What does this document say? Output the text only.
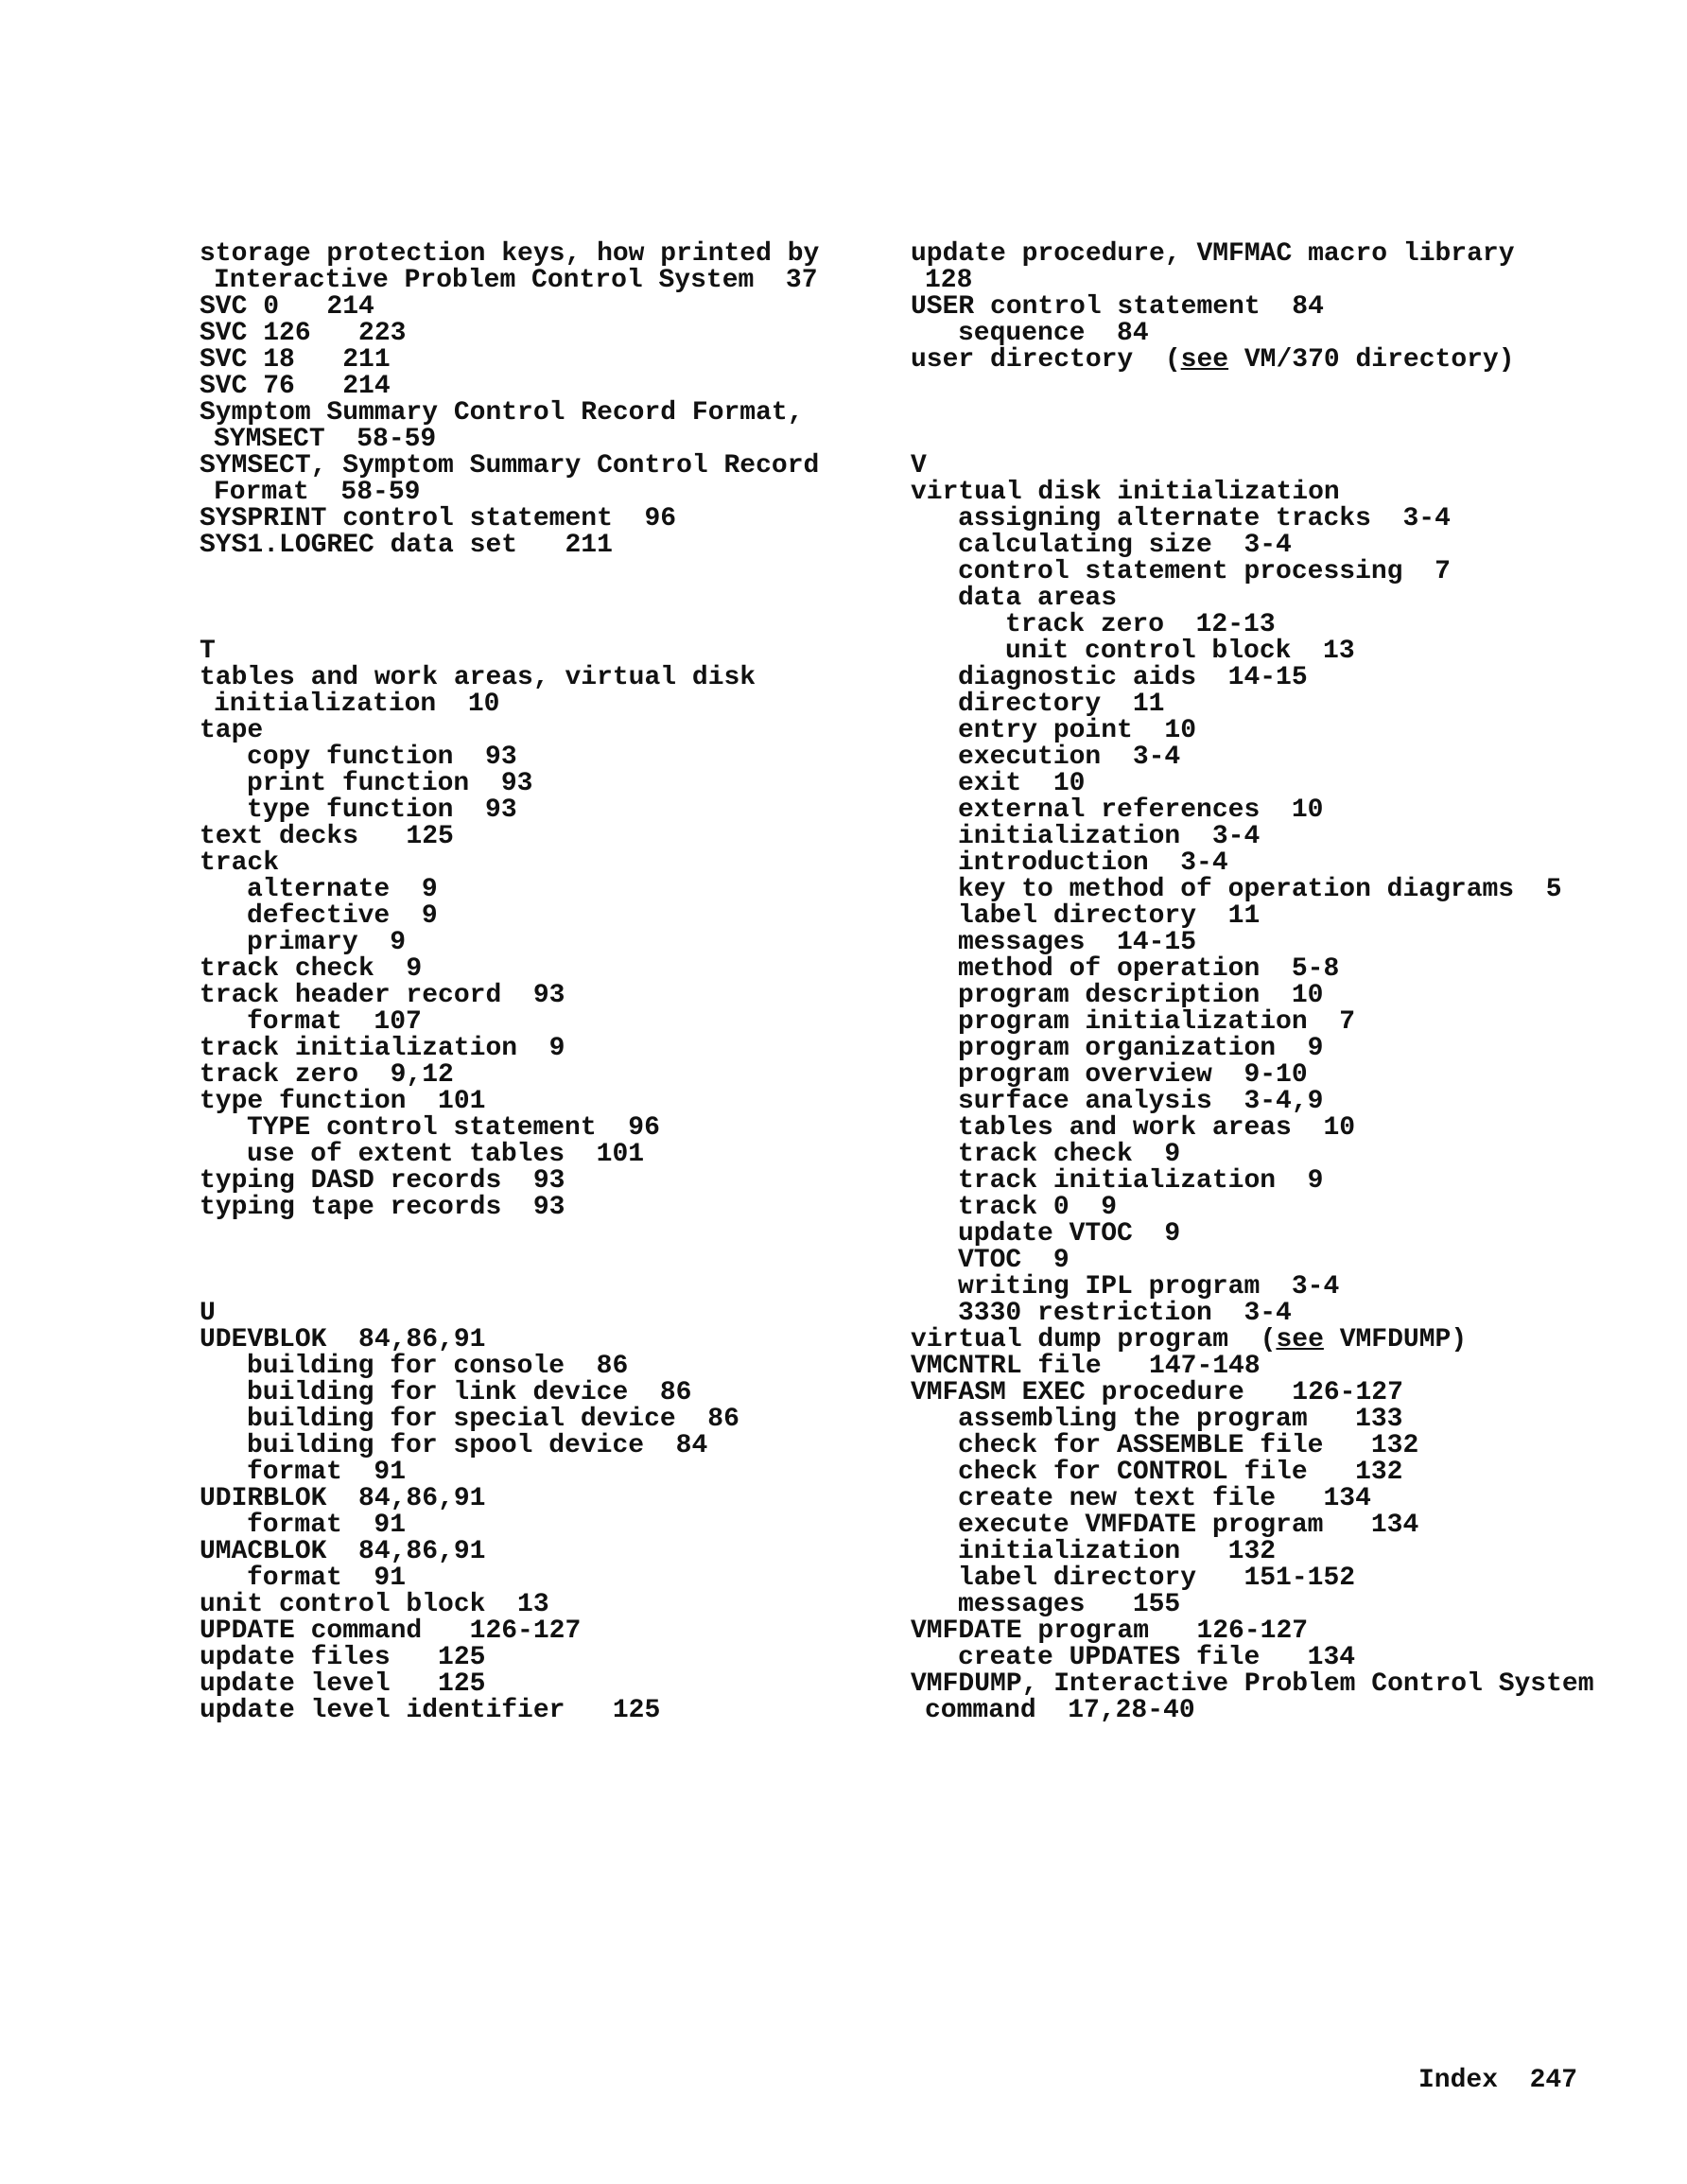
storage protection keys, how printed by
Interactive Problem Control System  37
SVC 0   214
SVC 126   223
SVC 18   211
SVC 76   214
Symptom Summary Control Record Format,
SYMSECT  58-59
SYMSECT, Symptom Summary Control Record
Format  58-59
SYSPRINT control statement  96
SYS1.LOGREC data set   211
T
tables and work areas, virtual disk
initialization  10
tape
copy function  93
print function  93
type function  93
text decks   125
track
alternate  9
defective  9
primary  9
track check  9
track header record  93
format  107
track initialization  9
track zero  9,12
type function  101
TYPE control statement  96
use of extent tables  101
typing DASD records  93
typing tape records  93
U
UDEVBLOK  84,86,91
building for console  86
building for link device  86
building for special device  86
building for spool device  84
format  91
UDIRBLOK  84,86,91
format  91
UMACBLOK  84,86,91
format  91
unit control block  13
UPDATE command   126-127
update files   125
update level   125
update level identifier   125
update procedure, VMFMAC macro library
128
USER control statement  84
sequence  84
user directory  (see VM/370 directory)
V
virtual disk initialization
assigning alternate tracks  3-4
calculating size  3-4
control statement processing  7
data areas
track zero  12-13
unit control block  13
diagnostic aids  14-15
directory  11
entry point  10
execution  3-4
exit  10
external references  10
initialization  3-4
introduction  3-4
key to method of operation diagrams  5
label directory  11
messages  14-15
method of operation  5-8
program description  10
program initialization  7
program organization  9
program overview  9-10
surface analysis  3-4,9
tables and work areas  10
track check  9
track initialization  9
track 0  9
update VTOC  9
VTOC  9
writing IPL program  3-4
3330 restriction  3-4
virtual dump program  (see VMFDUMP)
VMCNTRL file   147-148
VMFASM EXEC procedure   126-127
assembling the program   133
check for ASSEMBLE file   132
check for CONTROL file   132
create new text file   134
execute VMFDATE program   134
initialization   132
label directory   151-152
messages   155
VMFDATE program   126-127
create UPDATES file   134
VMFDUMP, Interactive Problem Control System
command  17,28-40
Index 247
